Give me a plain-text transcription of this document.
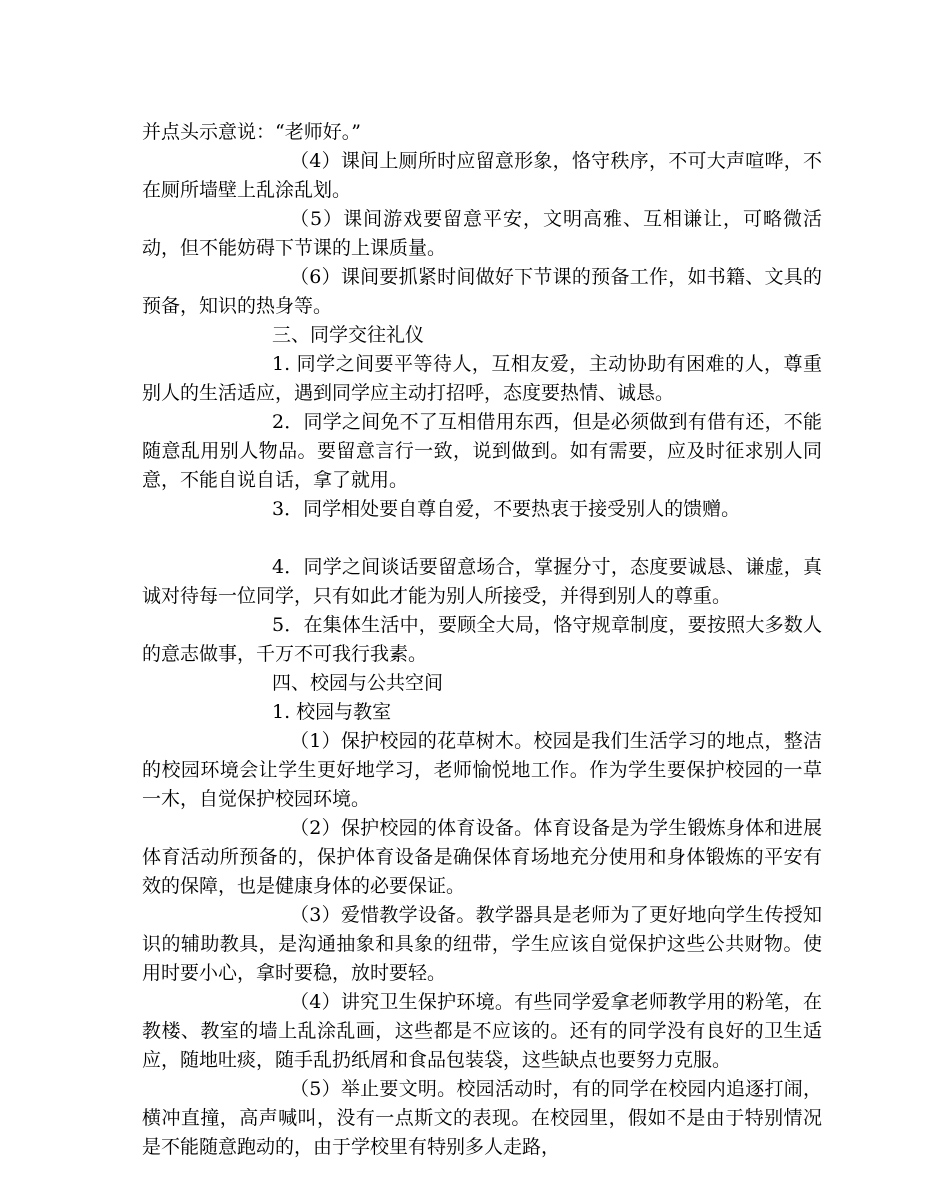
并点头示意说：“老师好。”

（4）课间上厕所时应留意形象，恪守秩序，不可大声喧哗，不在厕所墙壁上乱涂乱划。

（5）课间游戏要留意平安，文明高雅、互相谦让，可略微活动，但不能妨碍下节课的上课质量。

（6）课间要抓紧时间做好下节课的预备工作，如书籍、文具的预备，知识的热身等。

三、同学交往礼仪

1. 同学之间要平等待人，互相友爱，主动协助有困难的人，尊重别人的生活适应，遇到同学应主动打招呼，态度要热情、诚恳。

2．同学之间免不了互相借用东西，但是必须做到有借有还，不能随意乱用别人物品。要留意言行一致，说到做到。如有需要，应及时征求别人同意，不能自说自话，拿了就用。

3．同学相处要自尊自爱，不要热衷于接受别人的馈赠。

4．同学之间谈话要留意场合，掌握分寸，态度要诚恳、谦虚，真诚对待每一位同学，只有如此才能为别人所接受，并得到别人的尊重。

5．在集体生活中，要顾全大局，恪守规章制度，要按照大多数人的意志做事，千万不可我行我素。

四、校园与公共空间

1. 校园与教室

（1）保护校园的花草树木。校园是我们生活学习的地点，整洁的校园环境会让学生更好地学习，老师愉悦地工作。作为学生要保护校园的一草一木，自觉保护校园环境。

（2）保护校园的体育设备。体育设备是为学生锻炼身体和进展体育活动所预备的，保护体育设备是确保体育场地充分使用和身体锻炼的平安有效的保障，也是健康身体的必要保证。

（3）爱惜教学设备。教学器具是老师为了更好地向学生传授知识的辅助教具，是沟通抽象和具象的纽带，学生应该自觉保护这些公共财物。使用时要小心，拿时要稳，放时要轻。

（4）讲究卫生保护环境。有些同学爱拿老师教学用的粉笔，在教楼、教室的墙上乱涂乱画，这些都是不应该的。还有的同学没有良好的卫生适应，随地吐痰，随手乱扔纸屑和食品包装袋，这些缺点也要努力克服。

（5）举止要文明。校园活动时，有的同学在校园内追逐打闹，横冲直撞，高声喊叫，没有一点斯文的表现。在校园里，假如不是由于特别情况是不能随意跑动的，由于学校里有特别多人走路，
